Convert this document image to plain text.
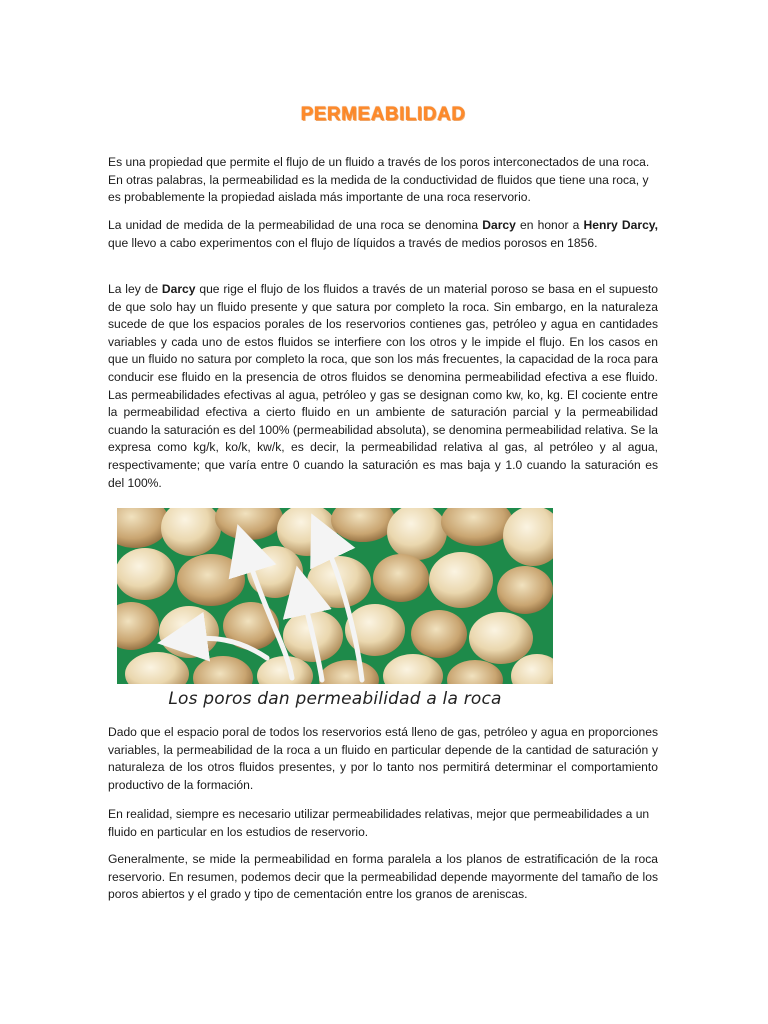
PERMEABILIDAD

Es una propiedad que permite el flujo de un fluido a través de los poros interconectados de una roca. En otras palabras, la permeabilidad es la medida de la conductividad de fluidos que tiene una roca, y es probablemente la propiedad aislada más importante de una roca reservorio.

La unidad de medida de la permeabilidad de una roca se denomina Darcy en honor a Henry Darcy, que llevo a cabo experimentos con el flujo de líquidos a través de medios porosos en 1856.

La ley de Darcy que rige el flujo de los fluidos a través de un material poroso se basa en el supuesto de que solo hay un fluido presente y que satura por completo la roca. Sin embargo, en la naturaleza sucede de que los espacios porales de los reservorios contienes gas, petróleo y agua en cantidades variables y cada uno de estos fluidos se interfiere con los otros y le impide el flujo. En los casos en que un fluido no satura por completo la roca, que son los más frecuentes, la capacidad de la roca para conducir ese fluido en la presencia de otros fluidos se denomina permeabilidad efectiva a ese fluido. Las permeabilidades efectivas al agua, petróleo y gas se designan como kw, ko, kg. El cociente entre la permeabilidad efectiva a cierto fluido en un ambiente de saturación parcial y la permeabilidad cuando la saturación es del 100% (permeabilidad absoluta), se denomina permeabilidad relativa. Se la expresa como kg/k, ko/k, kw/k, es decir, la permeabilidad relativa al gas, al petróleo y al agua, respectivamente; que varía entre 0 cuando la saturación es mas baja y 1.0 cuando la saturación es del 100%.

Dado que el espacio poral de todos los reservorios está lleno de gas, petróleo y agua en proporciones variables, la permeabilidad de la roca a un fluido en particular depende de la cantidad de saturación y naturaleza de los otros fluidos presentes, y por lo tanto nos permitirá determinar el comportamiento productivo de la formación.

En realidad, siempre es necesario utilizar permeabilidades relativas, mejor que permeabilidades a un fluido en particular en los estudios de reservorio.

Generalmente, se mide la permeabilidad en forma paralela a los planos de estratificación de la roca reservorio. En resumen, podemos decir que la permeabilidad depende mayormente del tamaño de los poros abiertos y el grado y tipo de cementación entre los granos de areniscas.

Los poros dan permeabilidad a la roca
